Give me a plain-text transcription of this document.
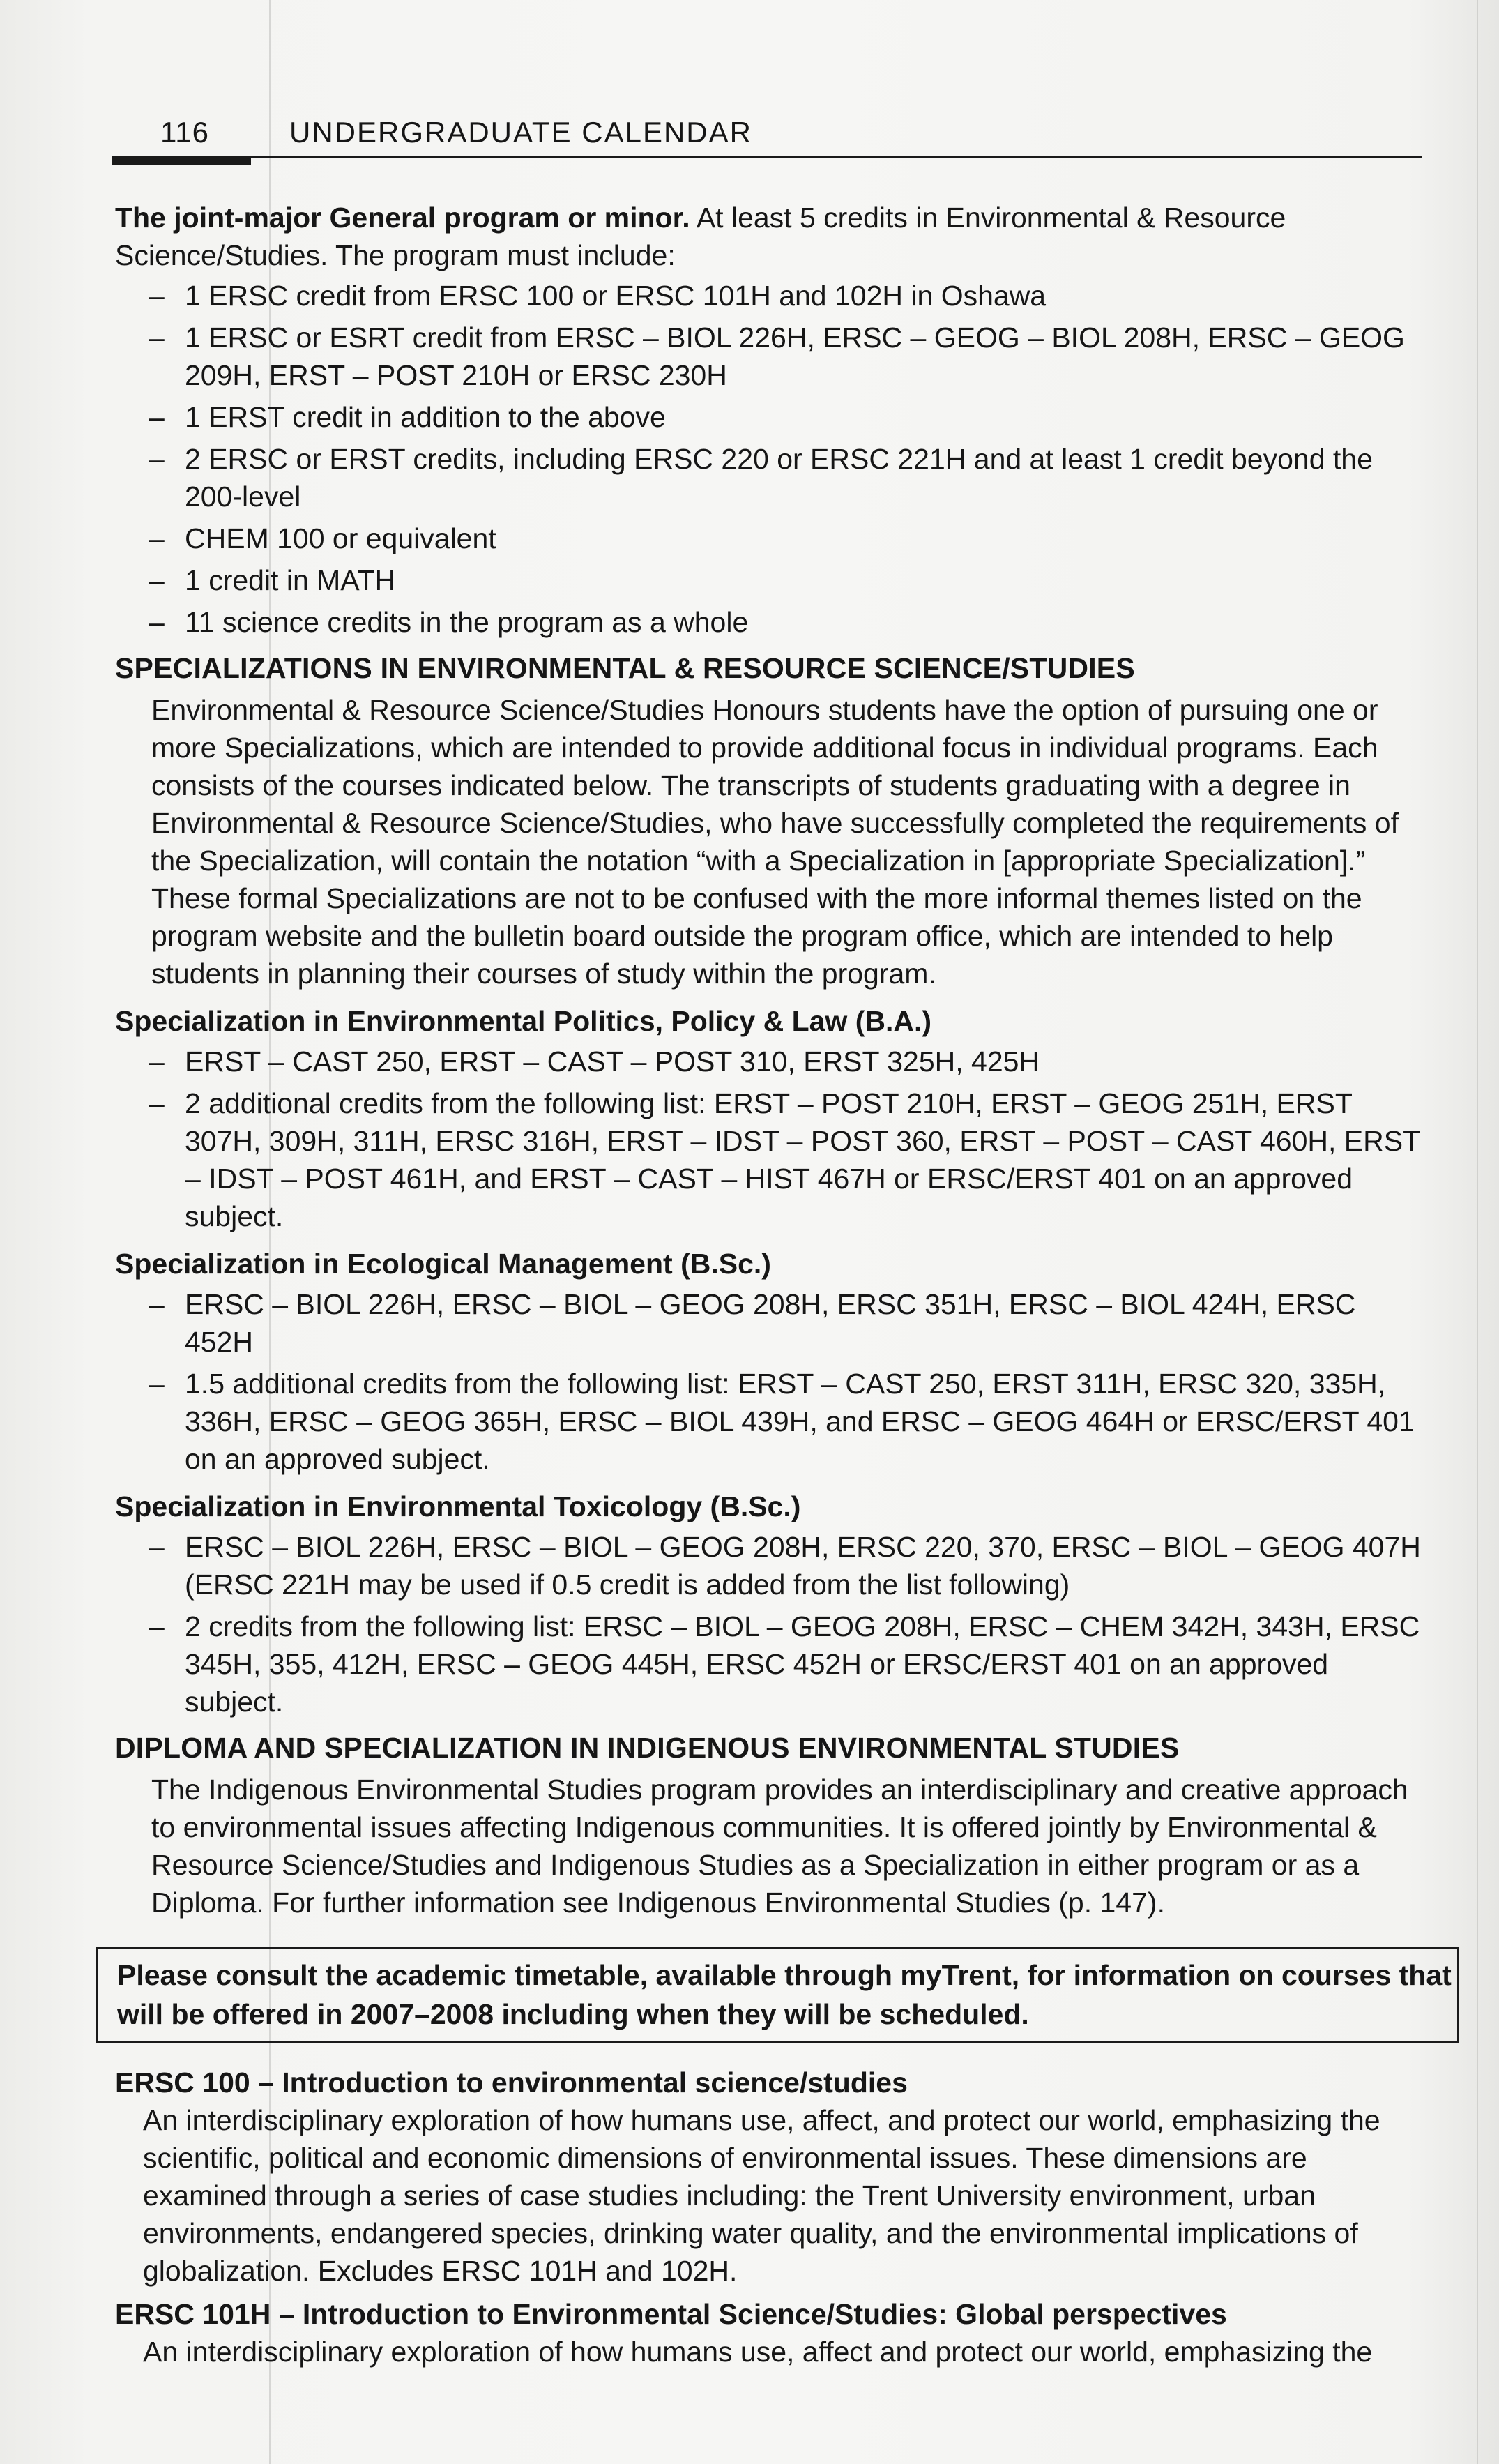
116	UNDERGRADUATE CALENDAR
The joint-major General program or minor. At least 5 credits in Environmental & Resource Science/Studies. The program must include:
– 1 ERSC credit from ERSC 100 or ERSC 101H and 102H in Oshawa
– 1 ERSC or ESRT credit from ERSC – BIOL 226H, ERSC – GEOG – BIOL 208H, ERSC – GEOG 209H, ERST – POST 210H or ERSC 230H
– 1 ERST credit in addition to the above
– 2 ERSC or ERST credits, including ERSC 220 or ERSC 221H and at least 1 credit beyond the 200-level
– CHEM 100 or equivalent
– 1 credit in MATH
– 11 science credits in the program as a whole
SPECIALIZATIONS IN ENVIRONMENTAL & RESOURCE SCIENCE/STUDIES

Environmental & Resource Science/Studies Honours students have the option of pursuing one or more Specializations, which are intended to provide additional focus in individual programs. Each consists of the courses indicated below. The transcripts of students graduating with a degree in Environmental & Resource Science/Studies, who have successfully completed the requirements of the Specialization, will contain the notation “with a Specialization in [appropriate Specialization].” These formal Specializations are not to be confused with the more informal themes listed on the program website and the bulletin board outside the program office, which are intended to help students in planning their courses of study within the program.

Specialization in Environmental Politics, Policy & Law (B.A.)
– ERST – CAST 250, ERST – CAST – POST 310, ERST 325H, 425H
– 2 additional credits from the following list: ERST – POST 210H, ERST – GEOG 251H, ERST 307H, 309H, 311H, ERSC 316H, ERST – IDST – POST 360, ERST – POST – CAST 460H, ERST – IDST – POST 461H, and ERST – CAST – HIST 467H or ERSC/ERST 401 on an approved subject.
Specialization in Ecological Management (B.Sc.)
– ERSC – BIOL 226H, ERSC – BIOL – GEOG 208H, ERSC 351H, ERSC – BIOL 424H, ERSC 452H
– 1.5 additional credits from the following list: ERST – CAST 250, ERST 311H, ERSC 320, 335H, 336H, ERSC – GEOG 365H, ERSC – BIOL 439H, and ERSC – GEOG 464H or ERSC/ERST 401 on an approved subject.
Specialization in Environmental Toxicology (B.Sc.)
– ERSC – BIOL 226H, ERSC – BIOL – GEOG 208H, ERSC 220, 370, ERSC – BIOL – GEOG 407H (ERSC 221H may be used if 0.5 credit is added from the list following)
– 2 credits from the following list: ERSC – BIOL – GEOG 208H, ERSC – CHEM 342H, 343H, ERSC 345H, 355, 412H, ERSC – GEOG 445H, ERSC 452H or ERSC/ERST 401 on an approved subject.
DIPLOMA AND SPECIALIZATION IN INDIGENOUS ENVIRONMENTAL STUDIES

The Indigenous Environmental Studies program provides an interdisciplinary and creative approach to environmental issues affecting Indigenous communities. It is offered jointly by Environmental & Resource Science/Studies and Indigenous Studies as a Specialization in either program or as a Diploma. For further information see Indigenous Environmental Studies (p. 147).

Please consult the academic timetable, available through myTrent, for information on courses that will be offered in 2007–2008 including when they will be scheduled.
ERSC 100 – Introduction to environmental science/studies

An interdisciplinary exploration of how humans use, affect, and protect our world, emphasizing the scientific, political and economic dimensions of environmental issues. These dimensions are examined through a series of case studies including: the Trent University environment, urban environments, endangered species, drinking water quality, and the environmental implications of globalization. Excludes ERSC 101H and 102H.

ERSC 101H – Introduction to Environmental Science/Studies: Global perspectives

An interdisciplinary exploration of how humans use, affect and protect our world, emphasizing the
